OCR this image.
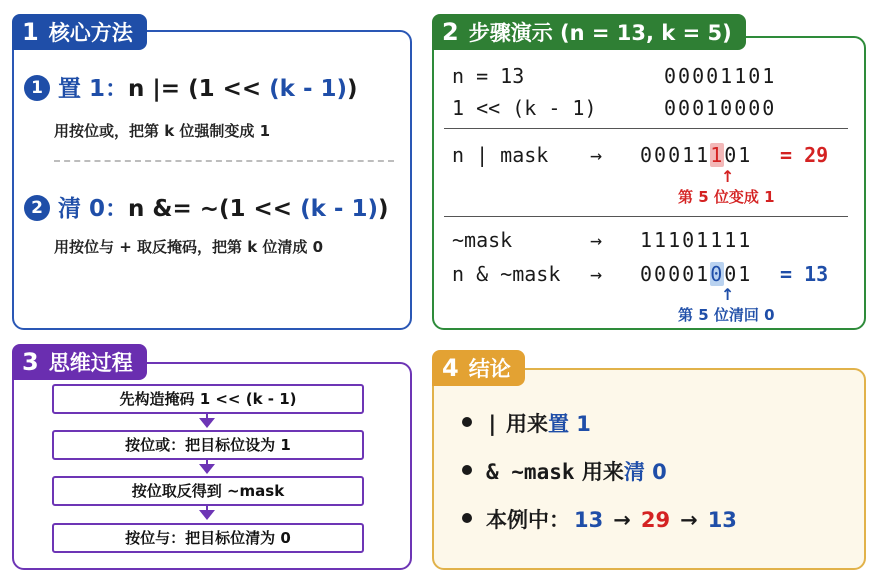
1 核心方法
1 置 1：n |= (1 << (k - 1))
用按位或，把第 k 位强制变成 1
2 清 0：n &= ~(1 << (k - 1))
用按位与 + 取反掩码，把第 k 位清成 0
2 步骤演示 (n = 13, k = 5)
n = 13	00001101
1 << (k - 1)	00010000
n | mask → 00011101 = 29
↑
第 5 位变成 1
~mask	→ 11101111
n & ~mask → 00001001 = 13
↑
第 5 位清回 0
3 思维过程
先构造掩码 1 << (k - 1)
按位或：把目标位设为 1
按位取反得到 ~mask
按位与：把目标位清为 0
4 结论
| 用来置 1
& ~mask 用来清 0
本例中： 13 → 29 → 13
